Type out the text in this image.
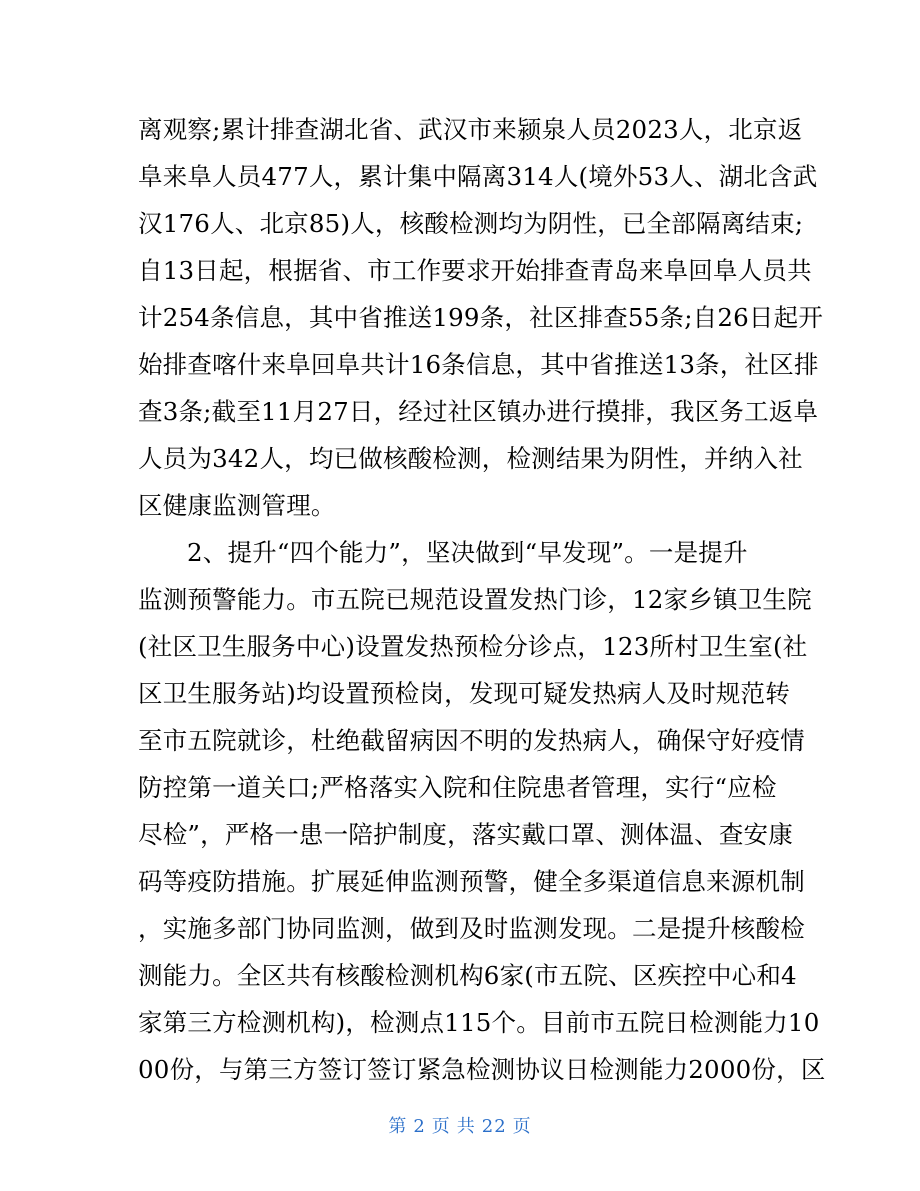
离观察;累计排查湖北省、武汉市来颍泉人员2023人，北京返
阜来阜人员477人，累计集中隔离314人(境外53人、湖北含武
汉176人、北京85)人，核酸检测均为阴性，已全部隔离结束;
自13日起，根据省、市工作要求开始排查青岛来阜回阜人员共
计254条信息，其中省推送199条，社区排查55条;自26日起开
始排查喀什来阜回阜共计16条信息，其中省推送13条，社区排
查3条;截至11月27日，经过社区镇办进行摸排，我区务工返阜
人员为342人，均已做核酸检测，检测结果为阴性，并纳入社
区健康监测管理。
2、提升“四个能力”，坚决做到“早发现”。一是提升
监测预警能力。市五院已规范设置发热门诊，12家乡镇卫生院
(社区卫生服务中心)设置发热预检分诊点，123所村卫生室(社
区卫生服务站)均设置预检岗，发现可疑发热病人及时规范转
至市五院就诊，杜绝截留病因不明的发热病人，确保守好疫情
防控第一道关口;严格落实入院和住院患者管理，实行“应检
尽检”，严格一患一陪护制度，落实戴口罩、测体温、查安康
码等疫防措施。扩展延伸监测预警，健全多渠道信息来源机制
，实施多部门协同监测，做到及时监测发现。二是提升核酸检
测能力。全区共有核酸检测机构6家(市五院、区疾控中心和4
家第三方检测机构)，检测点115个。目前市五院日检测能力10
00份，与第三方签订签订紧急检测协议日检测能力2000份，区
第 2 页 共 22 页
